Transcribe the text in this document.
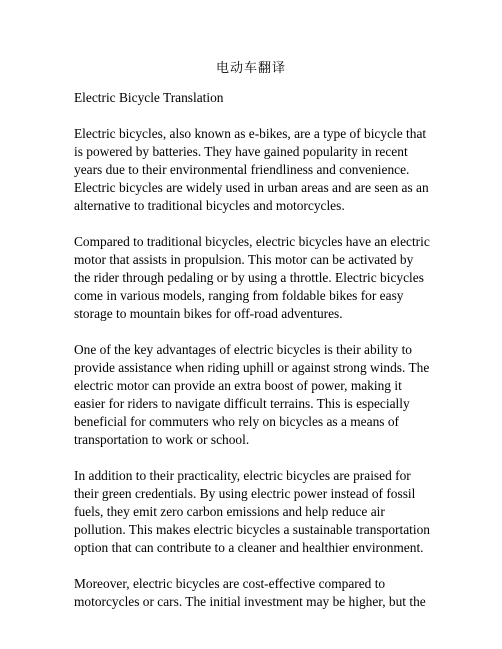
电动车翻译

Electric Bicycle Translation

Electric bicycles, also known as e-bikes, are a type of bicycle that is powered by batteries. They have gained popularity in recent years due to their environmental friendliness and convenience. Electric bicycles are widely used in urban areas and are seen as an alternative to traditional bicycles and motorcycles.

Compared to traditional bicycles, electric bicycles have an electric motor that assists in propulsion. This motor can be activated by the rider through pedaling or by using a throttle. Electric bicycles come in various models, ranging from foldable bikes for easy storage to mountain bikes for off-road adventures.

One of the key advantages of electric bicycles is their ability to provide assistance when riding uphill or against strong winds. The electric motor can provide an extra boost of power, making it easier for riders to navigate difficult terrains. This is especially beneficial for commuters who rely on bicycles as a means of transportation to work or school.

In addition to their practicality, electric bicycles are praised for their green credentials. By using electric power instead of fossil fuels, they emit zero carbon emissions and help reduce air pollution. This makes electric bicycles a sustainable transportation option that can contribute to a cleaner and healthier environment.

Moreover, electric bicycles are cost-effective compared to motorcycles or cars. The initial investment may be higher, but the
